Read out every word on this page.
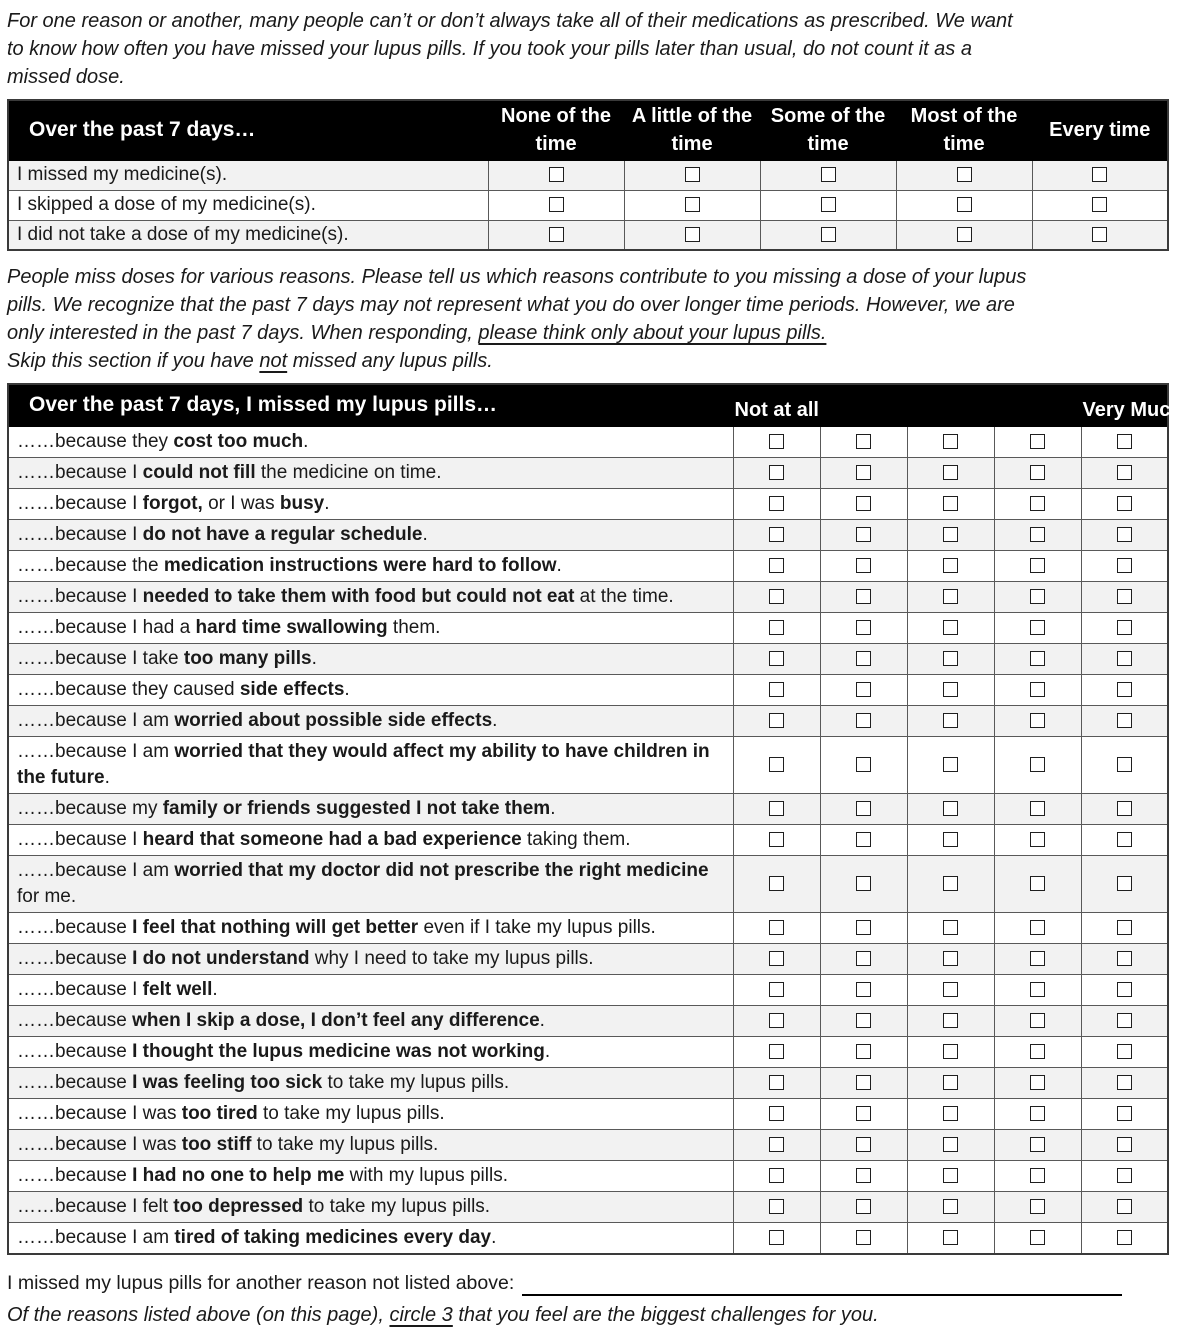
For one reason or another, many people can’t or don’t always take all of their medications as prescribed. We want
to know how often you have missed your lupus pills. If you took your pills later than usual, do not count it as a
missed dose.

Over the past 7 days…	None of the time	A little of the time	Some of the time	Most of the time	Every time
I missed my medicine(s).					
I skipped a dose of my medicine(s).					
I did not take a dose of my medicine(s).					

People miss doses for various reasons. Please tell us which reasons contribute to you missing a dose of your lupus
pills. We recognize that the past 7 days may not represent what you do over longer time periods. However, we are
only interested in the past 7 days. When responding, please think only about your lupus pills.
Skip this section if you have not missed any lupus pills.

Over the past 7 days, I missed my lupus pills…	Not at all				Very Much
……because they cost too much.					
……because I could not fill the medicine on time.					
……because I forgot, or I was busy.					
……because I do not have a regular schedule.					
……because the medication instructions were hard to follow.					
……because I needed to take them with food but could not eat at the time.					
……because I had a hard time swallowing them.					
……because I take too many pills.					
……because they caused side effects.					
……because I am worried about possible side effects.					
……because I am worried that they would affect my ability to have children in the future.					
……because my family or friends suggested I not take them.					
……because I heard that someone had a bad experience taking them.					
……because I am worried that my doctor did not prescribe the right medicine for me.					
……because I feel that nothing will get better even if I take my lupus pills.					
……because I do not understand why I need to take my lupus pills.					
……because I felt well.					
……because when I skip a dose, I don’t feel any difference.					
……because I thought the lupus medicine was not working.					
……because I was feeling too sick to take my lupus pills.					
……because I was too tired to take my lupus pills.					
……because I was too stiff to take my lupus pills.					
……because I had no one to help me with my lupus pills.					
……because I felt too depressed to take my lupus pills.					
……because I am tired of taking medicines every day.					
I missed my lupus pills for another reason not listed above:

Of the reasons listed above (on this page), circle 3 that you feel are the biggest challenges for you.
